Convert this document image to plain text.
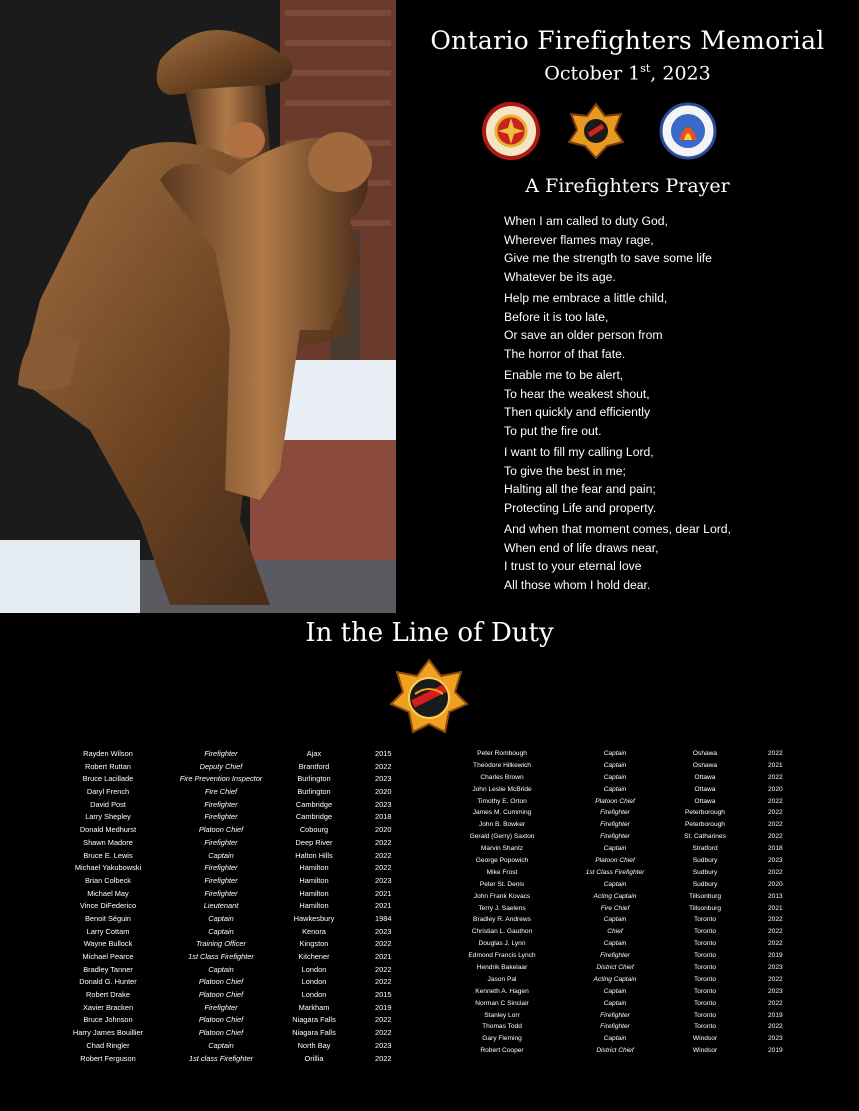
Ontario Firefighters Memorial
October 1st, 2023
A Firefighters Prayer
When I am called to duty God,
Wherever flames may rage,
Give me the strength to save some life
Whatever be its age.
Help me embrace a little child,
Before it is too late,
Or save an older person from
The horror of that fate.
Enable me to be alert,
To hear the weakest shout,
Then quickly and efficiently
To put the fire out.
I want to fill my calling Lord,
To give the best in me;
Halting all the fear and pain;
Protecting Life and property.
And when that moment comes, dear Lord,
When end of life draws near,
I trust to your eternal love
All those whom I hold dear.
In the Line of Duty
Rayden Wilson	Firefighter	Ajax	2015
Robert Ruttan	Deputy Chief	Brantford	2022
Bruce Lacillade	Fire Prevention Inspector	Burlington	2023
Daryl French	Fire Chief	Burlington	2020
David Post	Firefighter	Cambridge	2023
Larry Shepley	Firefighter	Cambridge	2018
Donald Medhurst	Platoon Chief	Cobourg	2020
Shawn Madore	Firefighter	Deep River	2022
Bruce E. Lewis	Captain	Halton Hills	2022
Michael Yakubowski	Firefighter	Hamilton	2022
Brian Colbeck	Firefighter	Hamilton	2023
Michael May	Firefighter	Hamilton	2021
Vince DiFederico	Lieutenant	Hamilton	2021
Benoit Séguin	Captain	Hawkesbury	1984
Larry Cottam	Captain	Kenora	2023
Wayne Bullock	Training Officer	Kingston	2022
Michael Pearce	1st Class Firefighter	Kitchener	2021
Bradley Tanner	Captain	London	2022
Donald G. Hunter	Platoon Chief	London	2022
Robert Drake	Platoon Chief	London	2015
Xavier Bracken	Firefighter	Markham	2019
Bruce Johnson	Platoon Chief	Niagara Falls	2022
Harry James Bouillier	Platoon Chief	Niagara Falls	2022
Chad Ringler	Captain	North Bay	2023
Robert Ferguson	1st class Firefighter	Orillia	2022
Peter Rombough	Captain	Oshawa	2022
Theodore Hilkewich	Captain	Oshawa	2021
Charles Brown	Captain	Ottawa	2022
John Leslie McBride	Captain	Ottawa	2020
Timothy E. Orton	Platoon Chief	Ottawa	2022
James M. Cumming	Firefighter	Peterborough	2022
John B. Bowker	Firefighter	Peterborough	2022
Gerald (Gerry) Saxton	Firefighter	St. Catharines	2022
Marvin Shantz	Captain	Stratford	2018
George Popowich	Platoon Chief	Sudbury	2023
Mike Frost	1st Class Firefighter	Sudbury	2022
Peter St. Denis	Captain	Sudbury	2020
John Frank Kovacs	Acting Captain	Tillsonburg	2013
Terry J. Saelens	Fire Chief	Tillsonburg	2021
Bradley R. Andrews	Captain	Toronto	2022
Christian L. Gauthon	Chief	Toronto	2022
Douglas J. Lynn	Captain	Toronto	2022
Edmond Francis Lynch	Firefighter	Toronto	2019
Hendrik Bakelaar	District Chief	Toronto	2023
Jason Pal	Acting Captain	Toronto	2022
Kenneth A. Hagen	Captain	Toronto	2023
Norman C Sinclair	Captain	Toronto	2022
Stanley Lorr	Firefighter	Toronto	2019
Thomas Todd	Firefighter	Toronto	2022
Gary Fleming	Captain	Windsor	2023
Robert Cooper	District Chief	Windsor	2019
